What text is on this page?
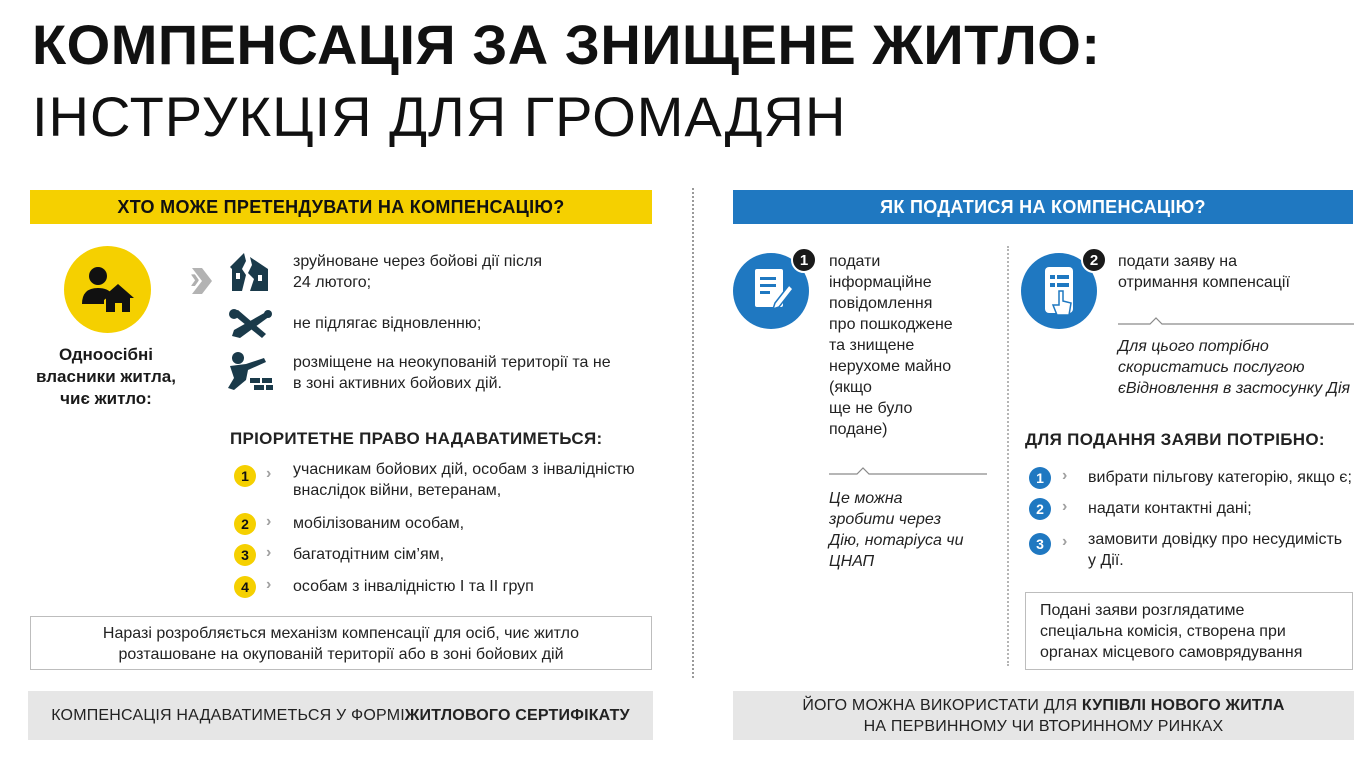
КОМПЕНСАЦІЯ ЗА ЗНИЩЕНЕ ЖИТЛО:
ІНСТРУКЦІЯ ДЛЯ ГРОМАДЯН
ХТО МОЖЕ ПРЕТЕНДУВАТИ НА КОМПЕНСАЦІЮ?	ЯК ПОДАТИСЯ НА КОМПЕНСАЦІЮ?
Одноосібні
власники житла,
чиє житло:
›
зруйноване через бойові дії після
24 лютого;
не підлягає відновленню;
розміщене на неокупованій території та не
в зоні активних бойових дій.
ПРІОРИТЕТНЕ ПРАВО НАДАВАТИМЕТЬСЯ:
1	› учасникам бойових дій, особам з інвалідністю
внаслідок війни, ветеранам,
2	› мобілізованим особам,
3	› багатодітним сім’ям,
4	› особам з інвалідністю І та ІІ груп
Наразі розробляється механізм компенсації для осіб, чиє житло
розташоване на окупованій території або в зоні бойових дій
КОМПЕНСАЦІЯ НАДАВАТИМЕТЬСЯ У ФОРМІ ЖИТЛОВОГО СЕРТИФІКАТУ
1	подати
інформаційне
повідомлення
про пошкоджене
та знищене
нерухоме майно
(якщо
ще не було
подане)
Це можна
зробити через
Дію, нотаріуса чи
ЦНАП
2	подати заяву на
отримання компенсації
Для цього потрібно
скористатись послугою
єВідновлення в застосунку Дія
ДЛЯ ПОДАННЯ ЗАЯВИ ПОТРІБНО:
1	› вибрати пільгову категорію, якщо є;
2	› надати контактні дані;
3	› замовити довідку про несудимість
у Дії.
Подані заяви розглядатиме
спеціальна комісія, створена при
органах місцевого самоврядування
ЙОГО МОЖНА ВИКОРИСТАТИ ДЛЯ КУПІВЛІ НОВОГО ЖИТЛА
НА ПЕРВИННОМУ ЧИ ВТОРИННОМУ РИНКАХ
